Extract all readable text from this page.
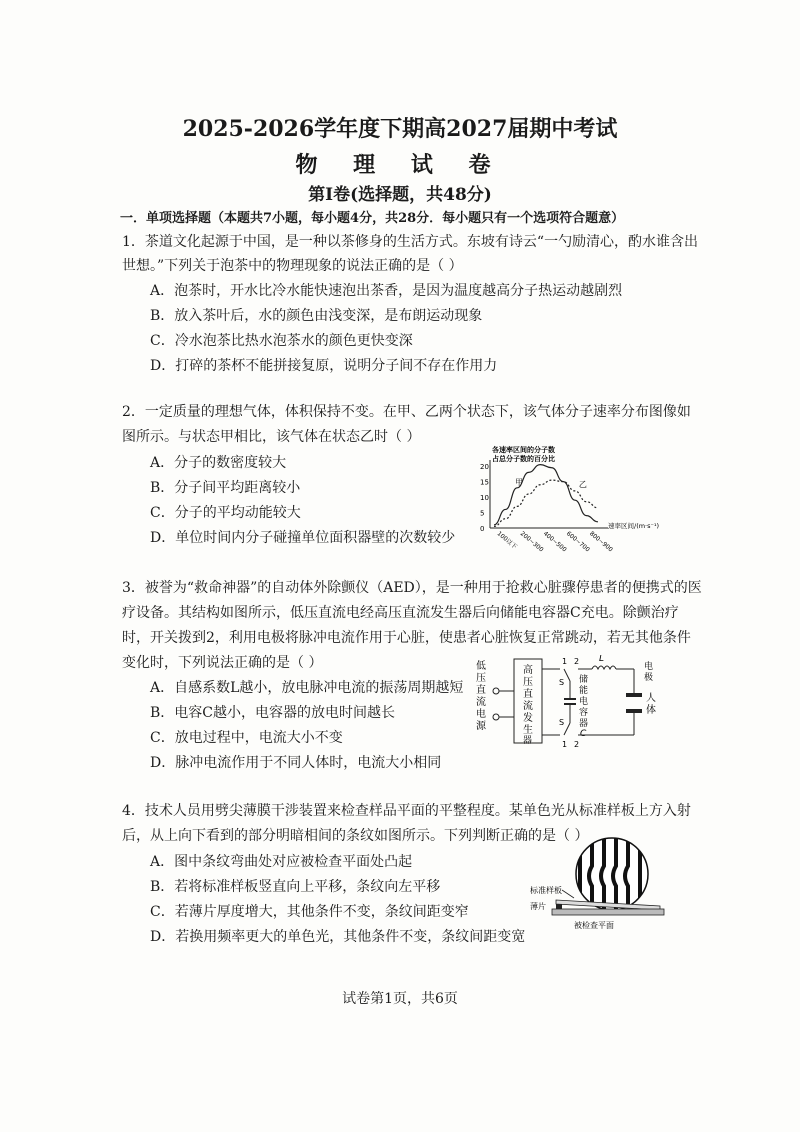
2025-2026学年度下期高2027届期中考试
物 理 试 卷
第Ⅰ卷(选择题，共48分)
一．单项选择题（本题共7小题，每小题4分，共28分．每小题只有一个选项符合题意）
1．茶道文化起源于中国，是一种以茶修身的生活方式。东坡有诗云“一勺励清心，酌水谁含出
世想。”下列关于泡茶中的物理现象的说法正确的是（ ）
A．泡茶时，开水比冷水能快速泡出茶香，是因为温度越高分子热运动越剧烈
B．放入茶叶后，水的颜色由浅变深，是布朗运动现象
C．冷水泡茶比热水泡茶水的颜色更快变深
D．打碎的茶杯不能拼接复原，说明分子间不存在作用力
2．一定质量的理想气体，体积保持不变。在甲、乙两个状态下，该气体分子速率分布图像如
图所示。与状态甲相比，该气体在状态乙时（ ）
A．分子的数密度较大
B．分子间平均距离较小
C．分子的平均动能较大
D．单位时间内分子碰撞单位面积器壁的次数较少
各速率区间的分子数
占总分子数的百分比
0
5
10
15
20
100以下 200~300
400~500
600~700
800~900
甲	乙
速率区间/(m·s⁻¹)
3．被誉为“救命神器”的自动体外除颤仪（AED），是一种用于抢救心脏骤停患者的便携式的医
疗设备。其结构如图所示，低压直流电经高压直流发生器后向储能电容器C充电。除颤治疗
时，开关拨到2，利用电极将脉冲电流作用于心脏，使患者心脏恢复正常跳动，若无其他条件
变化时，下列说法正确的是（ ）
A．自感系数L越小，放电脉冲电流的振荡周期越短
B．电容C越小，电容器的放电时间越长
C．放电过程中，电流大小不变
D．脉冲电流作用于不同人体时，电流大小相同
低
压
直
流
电
源
高
压
直
流
发
生
器
1 2
S
1 2
S
储
能
电
容
器
C
L
电
极
人
体
4．技术人员用劈尖薄膜干涉装置来检查样品平面的平整程度。某单色光从标准样板上方入射
后，从上向下看到的部分明暗相间的条纹如图所示。下列判断正确的是（ ）
A．图中条纹弯曲处对应被检查平面处凸起
B．若将标准样板竖直向上平移，条纹向左平移
C．若薄片厚度增大，其他条件不变，条纹间距变窄
D．若换用频率更大的单色光，其他条件不变，条纹间距变宽
标准样板
薄片
被检查平面
试卷第1页，共6页
